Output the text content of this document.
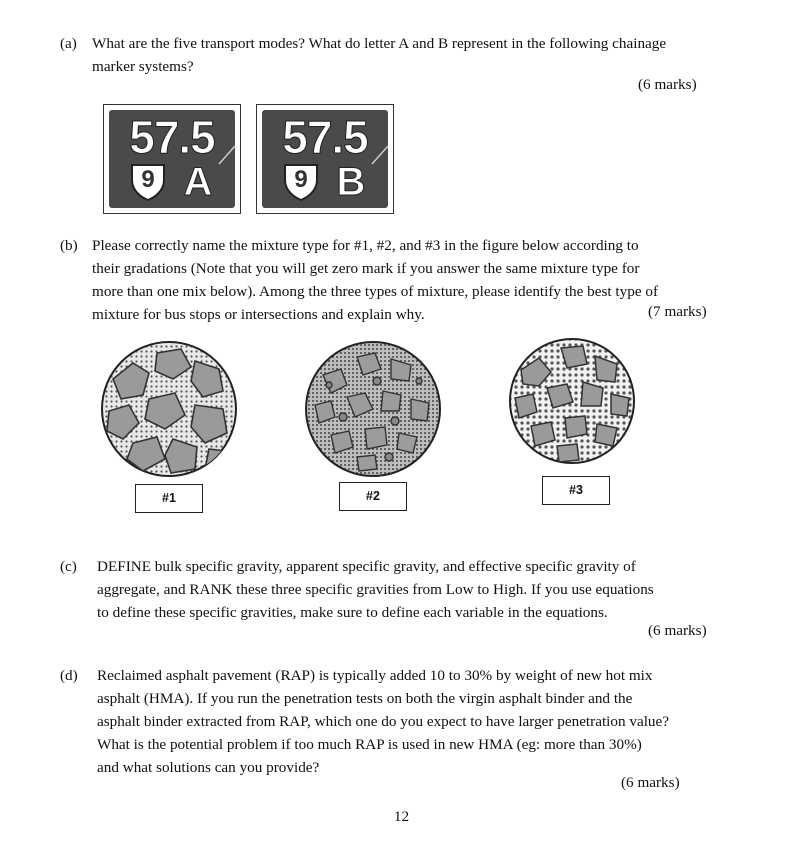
(a) What are the five transport modes? What do letter A and B represent in the following chainage
marker systems?
(6 marks)
57.5
9 A
57.5
9 B
(b) Please correctly name the mixture type for #1, #2, and #3 in the figure below according to
their gradations (Note that you will get zero mark if you answer the same mixture type for
more than one mix below). Among the three types of mixture, please identify the best type of
mixture for bus stops or intersections and explain why.	(7 marks)
#1	#2	#3
(c) DEFINE bulk specific gravity, apparent specific gravity, and effective specific gravity of
aggregate, and RANK these three specific gravities from Low to High. If you use equations
to define these specific gravities, make sure to define each variable in the equations.
(6 marks)
(d) Reclaimed asphalt pavement (RAP) is typically added 10 to 30% by weight of new hot mix
asphalt (HMA). If you run the penetration tests on both the virgin asphalt binder and the
asphalt binder extracted from RAP, which one do you expect to have larger penetration value?
What is the potential problem if too much RAP is used in new HMA (eg: more than 30%)
and what solutions can you provide?
(6 marks)
12
